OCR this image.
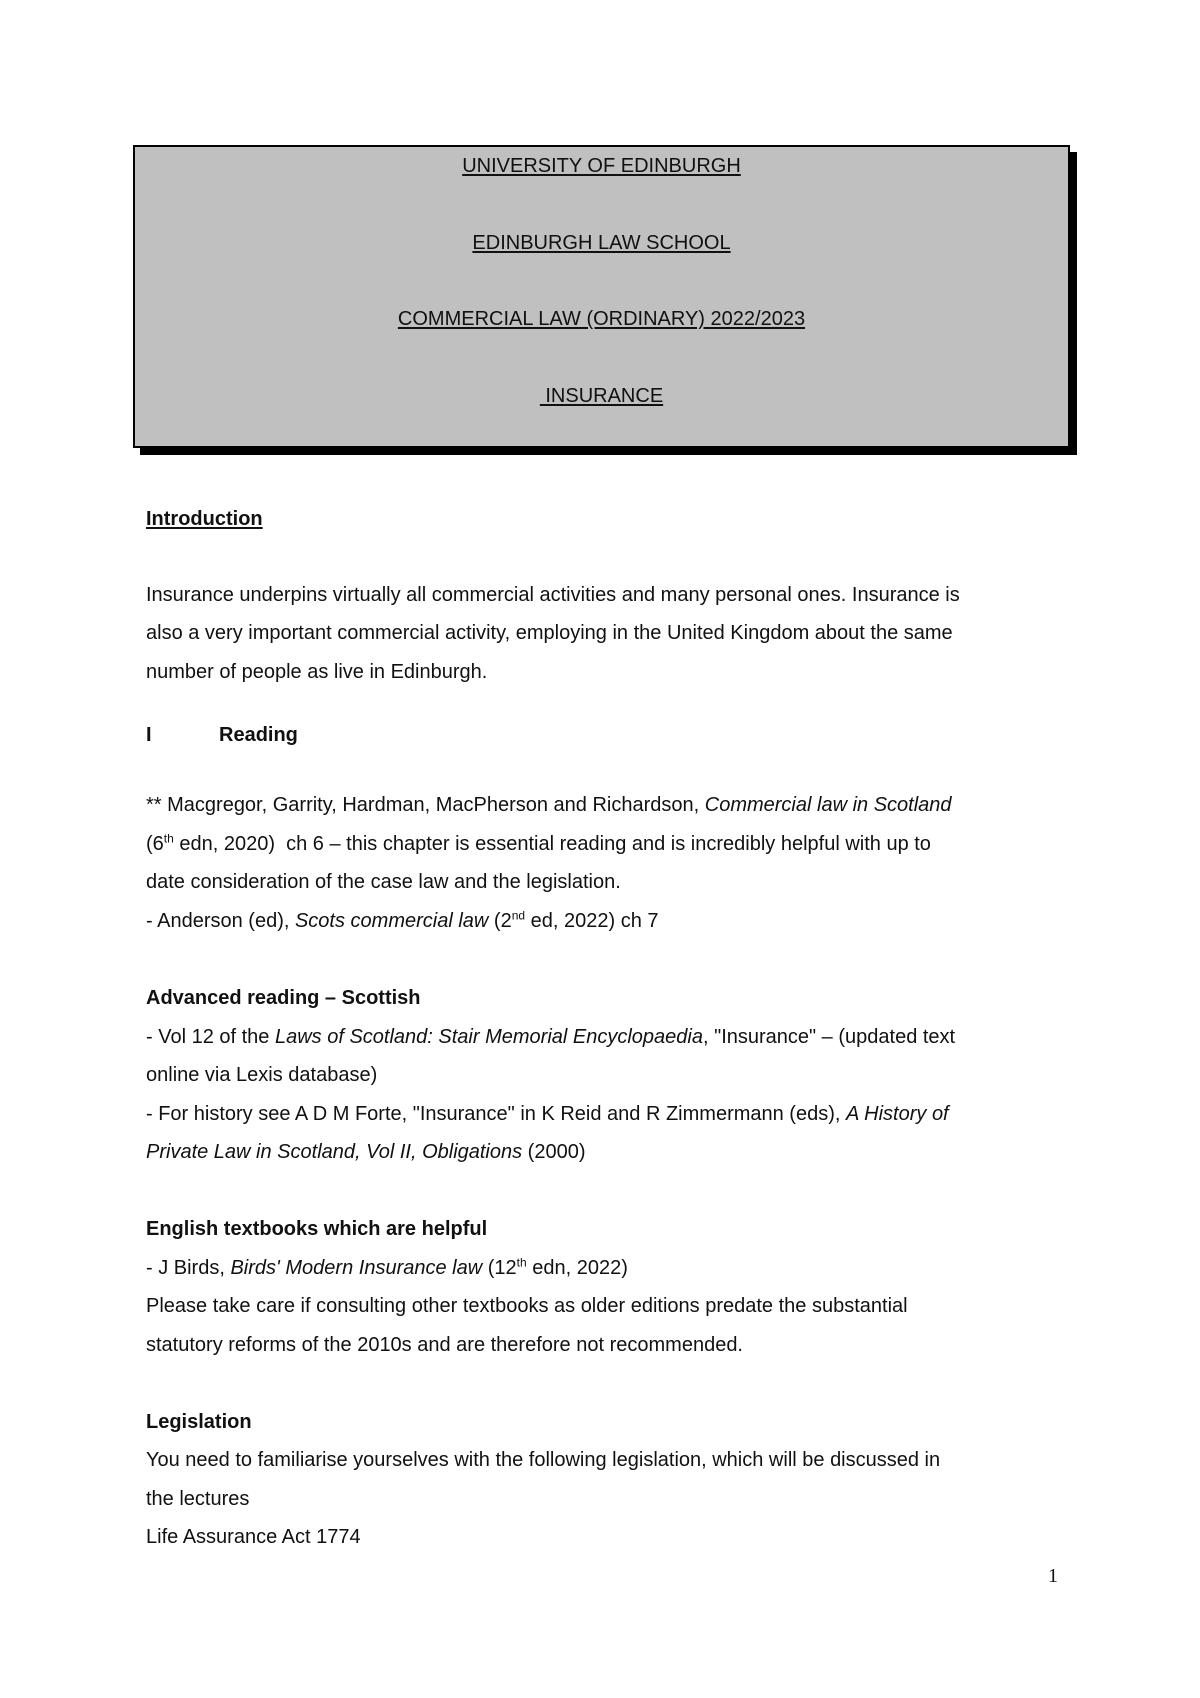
UNIVERSITY OF EDINBURGH
EDINBURGH LAW SCHOOL
COMMERCIAL LAW (ORDINARY) 2022/2023
INSURANCE
Introduction
Insurance underpins virtually all commercial activities and many personal ones. Insurance is
also a very important commercial activity, employing in the United Kingdom about the same
number of people as live in Edinburgh.
I	Reading
** Macgregor, Garrity, Hardman, MacPherson and Richardson, Commercial law in Scotland
(6th edn, 2020)  ch 6 – this chapter is essential reading and is incredibly helpful with up to
date consideration of the case law and the legislation.
- Anderson (ed), Scots commercial law (2nd ed, 2022) ch 7
Advanced reading – Scottish
- Vol 12 of the Laws of Scotland: Stair Memorial Encyclopaedia, "Insurance" – (updated text
online via Lexis database)
- For history see A D M Forte, "Insurance" in K Reid and R Zimmermann (eds), A History of
Private Law in Scotland, Vol II, Obligations (2000)
English textbooks which are helpful
- J Birds, Birds' Modern Insurance law (12th edn, 2022)
Please take care if consulting other textbooks as older editions predate the substantial
statutory reforms of the 2010s and are therefore not recommended.
Legislation
You need to familiarise yourselves with the following legislation, which will be discussed in
the lectures
Life Assurance Act 1774
1
